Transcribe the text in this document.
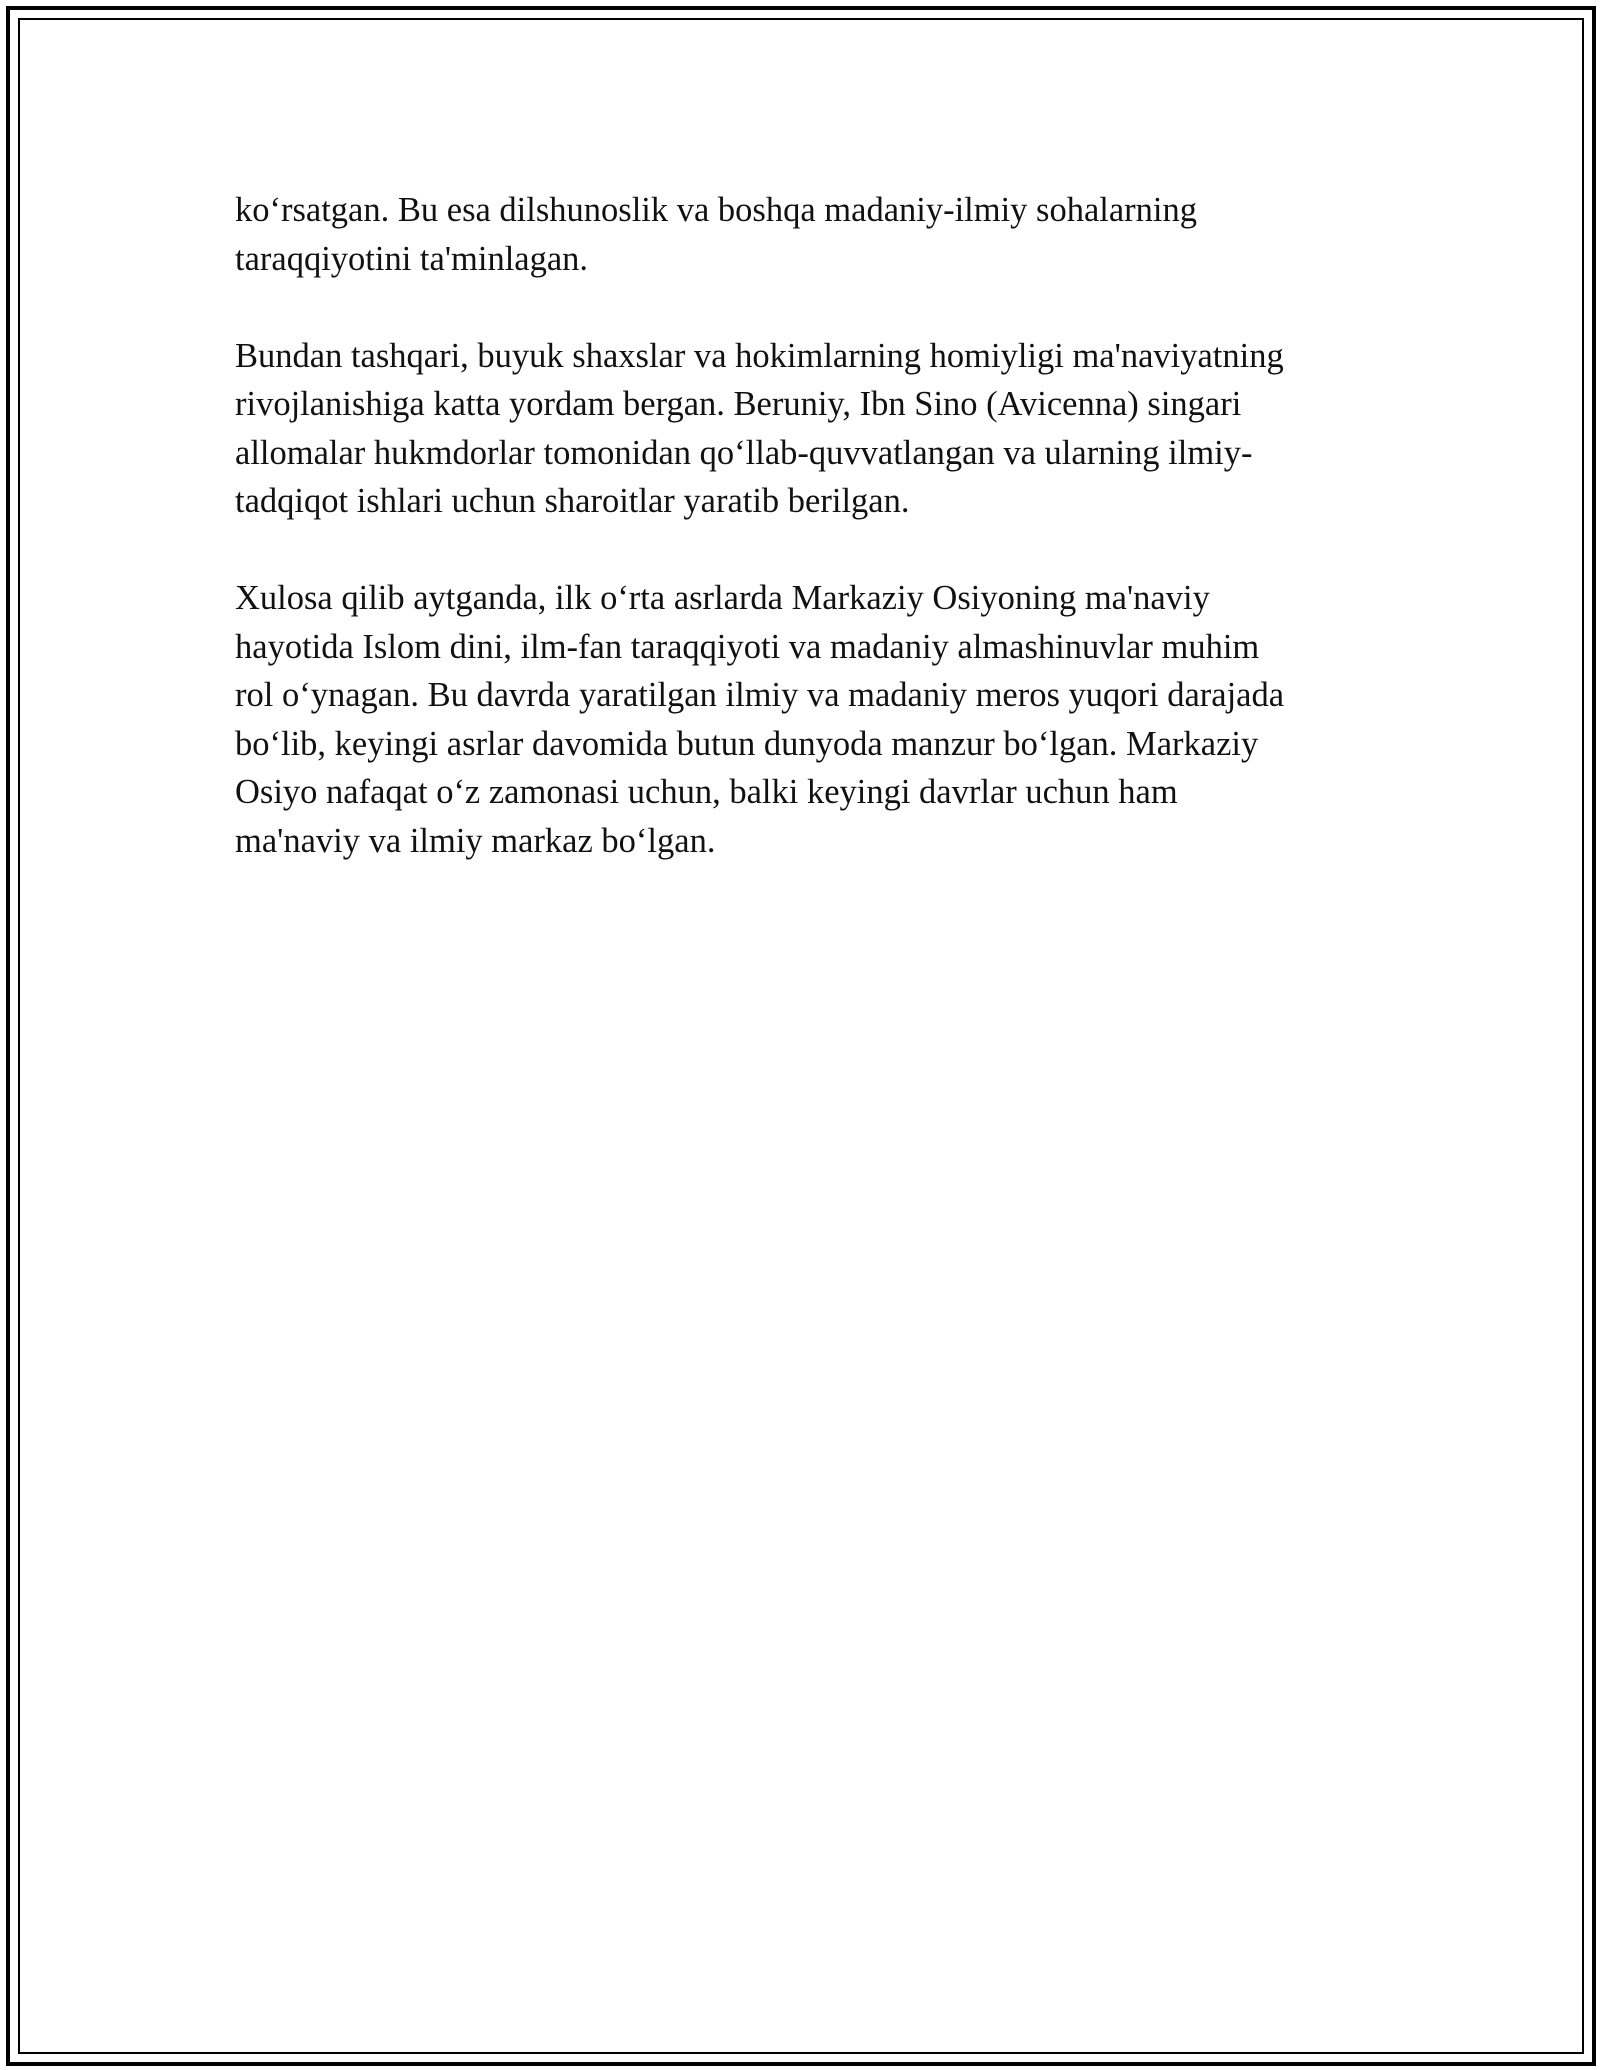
ko‘rsatgan. Bu esa dilshunoslik va boshqa madaniy-ilmiy sohalarning
taraqqiyotini ta'minlagan.

Bundan tashqari, buyuk shaxslar va hokimlarning homiyligi ma'naviyatning
rivojlanishiga katta yordam bergan. Beruniy, Ibn Sino (Avicenna) singari
allomalar hukmdorlar tomonidan qo‘llab-quvvatlangan va ularning ilmiy-
tadqiqot ishlari uchun sharoitlar yaratib berilgan.

Xulosa qilib aytganda, ilk o‘rta asrlarda Markaziy Osiyoning ma'naviy
hayotida Islom dini, ilm-fan taraqqiyoti va madaniy almashinuvlar muhim
rol o‘ynagan. Bu davrda yaratilgan ilmiy va madaniy meros yuqori darajada
bo‘lib, keyingi asrlar davomida butun dunyoda manzur bo‘lgan. Markaziy
Osiyo nafaqat o‘z zamonasi uchun, balki keyingi davrlar uchun ham
ma'naviy va ilmiy markaz bo‘lgan.
